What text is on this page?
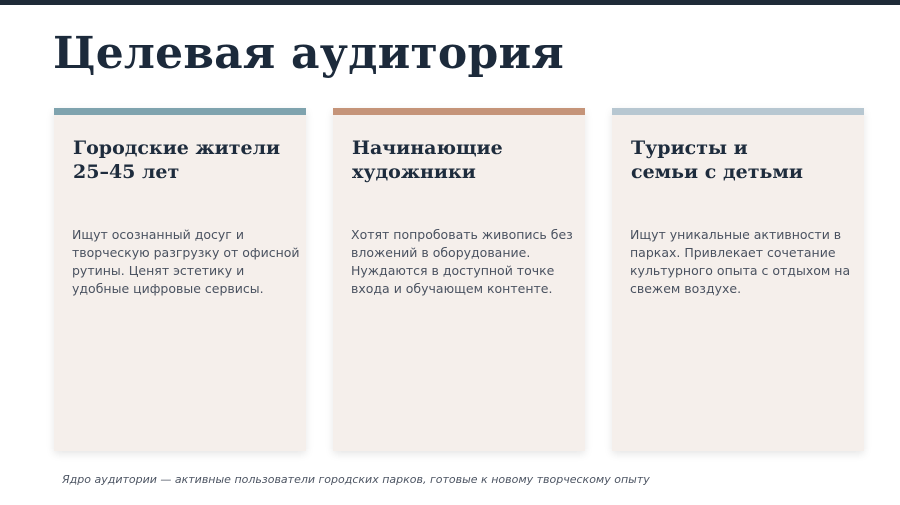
Целевая аудитория
Городские жители
25–45 лет
Ищут осознанный досуг и творческую разгрузку от офисной рутины. Ценят эстетику и удобные цифровые сервисы.
Начинающие
художники
Хотят попробовать живопись без вложений в оборудование. Нуждаются в доступной точке входа и обучающем контенте.
Туристы и
семьи с детьми
Ищут уникальные активности в парках. Привлекает сочетание культурного опыта с отдыхом на свежем воздухе.
Ядро аудитории — активные пользователи городских парков, готовые к новому творческому опыту
